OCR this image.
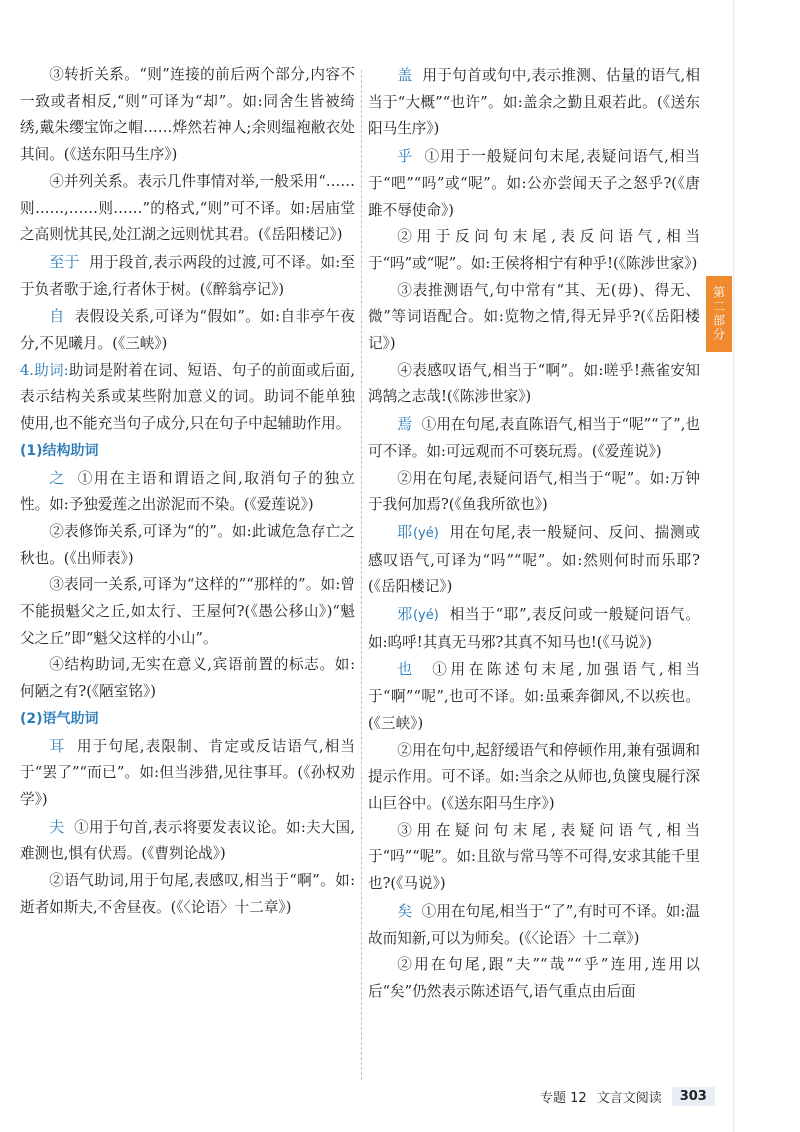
③转折关系。“则”连接的前后两个部分,内容不一致或者相反,“则”可译为“却”。如:同舍生皆被绮绣,戴朱缨宝饰之帽……烨然若神人;余则缊袍敝衣处其间。(《送东阳马生序》)

④并列关系。表示几件事情对举,一般采用“……则……,……则……”的格式,“则”可不译。如:居庙堂之高则忧其民,处江湖之远则忧其君。(《岳阳楼记》)

至于 用于段首,表示两段的过渡,可不译。如:至于负者歌于途,行者休于树。(《醉翁亭记》)

自 表假设关系,可译为“假如”。如:自非亭午夜分,不见曦月。(《三峡》)

4.助词:助词是附着在词、短语、句子的前面或后面,表示结构关系或某些附加意义的词。助词不能单独使用,也不能充当句子成分,只在句子中起辅助作用。

(1)结构助词

之 ①用在主语和谓语之间,取消句子的独立性。如:予独爱莲之出淤泥而不染。(《爱莲说》)

②表修饰关系,可译为“的”。如:此诚危急存亡之秋也。(《出师表》)

③表同一关系,可译为“这样的”“那样的”。如:曾不能损魁父之丘,如太行、王屋何?(《愚公移山》)“魁父之丘”即“魁父这样的小山”。

④结构助词,无实在意义,宾语前置的标志。如:何陋之有?(《陋室铭》)

(2)语气助词

耳 用于句尾,表限制、肯定或反诘语气,相当于“罢了”“而已”。如:但当涉猎,见往事耳。(《孙权劝学》)

夫 ①用于句首,表示将要发表议论。如:夫大国,难测也,惧有伏焉。(《曹刿论战》)

②语气助词,用于句尾,表感叹,相当于“啊”。如:逝者如斯夫,不舍昼夜。(《〈论语〉十二章》)

盖 用于句首或句中,表示推测、估量的语气,相当于“大概”“也许”。如:盖余之勤且艰若此。(《送东阳马生序》)

乎 ①用于一般疑问句末尾,表疑问语气,相当于“吧”“吗”或“呢”。如:公亦尝闻天子之怒乎?(《唐雎不辱使命》)

②用于反问句末尾,表反问语气,相当于“吗”或“呢”。如:王侯将相宁有种乎!(《陈涉世家》)

③表推测语气,句中常有“其、无(毋)、得无、微”等词语配合。如:览物之情,得无异乎?(《岳阳楼记》)

④表感叹语气,相当于“啊”。如:嗟乎!燕雀安知鸿鹄之志哉!(《陈涉世家》)

焉 ①用在句尾,表直陈语气,相当于“呢”“了”,也可不译。如:可远观而不可亵玩焉。(《爱莲说》)

②用在句尾,表疑问语气,相当于“呢”。如:万钟于我何加焉?(《鱼我所欲也》)

耶(yé) 用在句尾,表一般疑问、反问、揣测或感叹语气,可译为“吗”“呢”。如:然则何时而乐耶?(《岳阳楼记》)

邪(yé) 相当于“耶”,表反问或一般疑问语气。如:呜呼!其真无马邪?其真不知马也!(《马说》)

也 ①用在陈述句末尾,加强语气,相当于“啊”“呢”,也可不译。如:虽乘奔御风,不以疾也。(《三峡》)

②用在句中,起舒缓语气和停顿作用,兼有强调和提示作用。可不译。如:当余之从师也,负箧曳屣行深山巨谷中。(《送东阳马生序》)

③用在疑问句末尾,表疑问语气,相当于“吗”“呢”。如:且欲与常马等不可得,安求其能千里也?(《马说》)

矣 ①用在句尾,相当于“了”,有时可不译。如:温故而知新,可以为师矣。(《〈论语〉十二章》)

②用在句尾,跟“夫”“哉”“乎”连用,连用以后“矣”仍然表示陈述语气,语气重点由后面

第二部分
专题 12 文言文阅读	303
